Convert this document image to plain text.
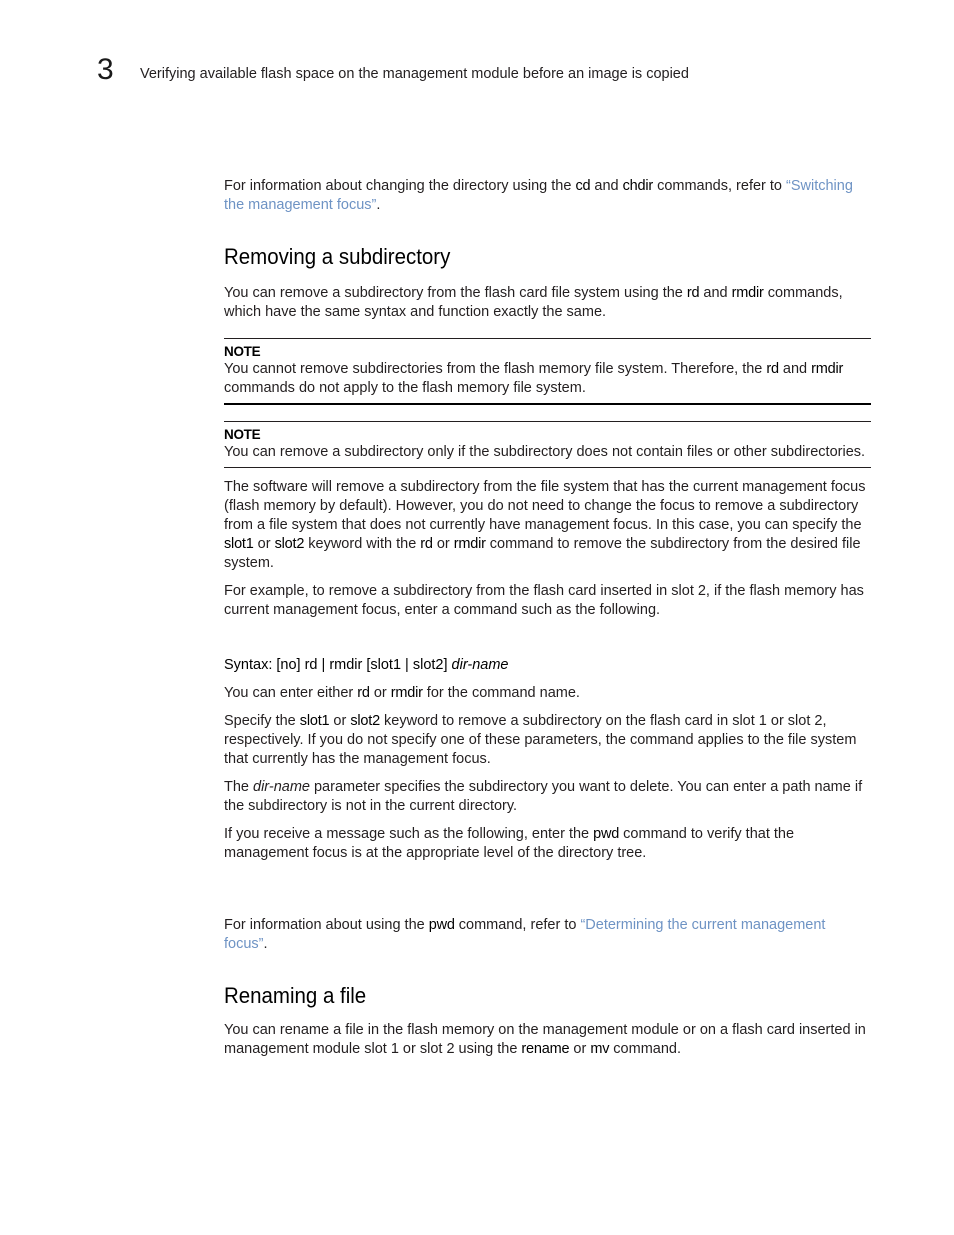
3 Verifying available flash space on the management module before an image is copied

For information about changing the directory using the cd and chdir commands, refer to “Switching the management focus”.

Removing a subdirectory

You can remove a subdirectory from the flash card file system using the rd and rmdir commands, which have the same syntax and function exactly the same.

NOTE

You cannot remove subdirectories from the flash memory file system. Therefore, the rd and rmdir commands do not apply to the flash memory file system.

NOTE

You can remove a subdirectory only if the subdirectory does not contain files or other subdirectories.

The software will remove a subdirectory from the file system that has the current management focus (flash memory by default). However, you do not need to change the focus to remove a subdirectory from a file system that does not currently have management focus. In this case, you can specify the slot1 or slot2 keyword with the rd or rmdir command to remove the subdirectory from the desired file system.

For example, to remove a subdirectory from the flash card inserted in slot 2, if the flash memory has current management focus, enter a command such as the following.

Syntax: [no] rd | rmdir [slot1 | slot2] dir-name

You can enter either rd or rmdir for the command name.

Specify the slot1 or slot2 keyword to remove a subdirectory on the flash card in slot 1 or slot 2, respectively. If you do not specify one of these parameters, the command applies to the file system that currently has the management focus.

The dir-name parameter specifies the subdirectory you want to delete. You can enter a path name if the subdirectory is not in the current directory.

If you receive a message such as the following, enter the pwd command to verify that the management focus is at the appropriate level of the directory tree.

For information about using the pwd command, refer to “Determining the current management focus”.

Renaming a file

You can rename a file in the flash memory on the management module or on a flash card inserted in management module slot 1 or slot 2 using the rename or mv command.
